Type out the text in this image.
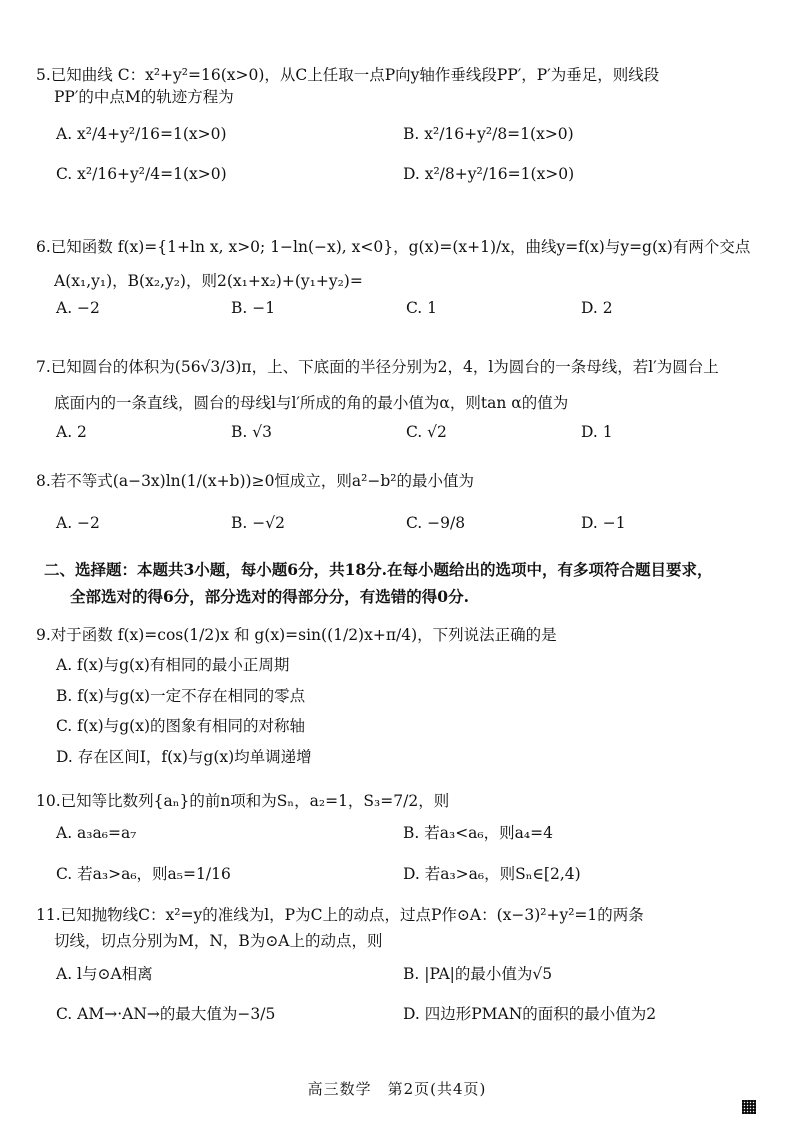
5.已知曲线 C：x²+y²=16(x>0)，从C上任取一点P向y轴作垂线段PP′，P′为垂足，则线段

PP′的中点M的轨迹方程为

A. x²/4+y²/16=1(x>0)	B. x²/16+y²/8=1(x>0)
C. x²/16+y²/4=1(x>0)	D. x²/8+y²/16=1(x>0)

6.已知函数 f(x)={1+ln x, x>0; 1−ln(−x), x<0}，g(x)=(x+1)/x，曲线y=f(x)与y=g(x)有两个交点

A(x₁,y₁)，B(x₂,y₂)，则2(x₁+x₂)+(y₁+y₂)=

A. −2	B. −1	C. 1	D. 2

7.已知圆台的体积为(56√3/3)π，上、下底面的半径分别为2，4，l为圆台的一条母线，若l′为圆台上

底面内的一条直线，圆台的母线l与l′所成的角的最小值为α，则tan α的值为

A. 2	B. √3	C. √2	D. 1

8.若不等式(a−3x)ln(1/(x+b))≥0恒成立，则a²−b²的最小值为

A. −2	B. −√2	C. −9/8	D. −1
二、选择题：本题共3小题，每小题6分，共18分.在每小题给出的选项中，有多项符合题目要求，
全部选对的得6分，部分选对的得部分分，有选错的得0分.

9.对于函数 f(x)=cos(1/2)x 和 g(x)=sin((1/2)x+π/4)，下列说法正确的是

A. f(x)与g(x)有相同的最小正周期
B. f(x)与g(x)一定不存在相同的零点
C. f(x)与g(x)的图象有相同的对称轴
D. 存在区间I，f(x)与g(x)均单调递增

10.已知等比数列{aₙ}的前n项和为Sₙ，a₂=1，S₃=7/2，则

A. a₃a₆=a₇	B. 若a₃<a₆，则a₄=4
C. 若a₃>a₆，则a₅=1/16	D. 若a₃>a₆，则Sₙ∈[2,4)

11.已知抛物线C：x²=y的准线为l，P为C上的动点，过点P作⊙A：(x−3)²+y²=1的两条

切线，切点分别为M，N，B为⊙A上的动点，则

A. l与⊙A相离	B. |PA|的最小值为√5
C. AM→·AN→的最大值为−3/5	D. 四边形PMAN的面积的最小值为2
高三数学　第2页(共4页)
